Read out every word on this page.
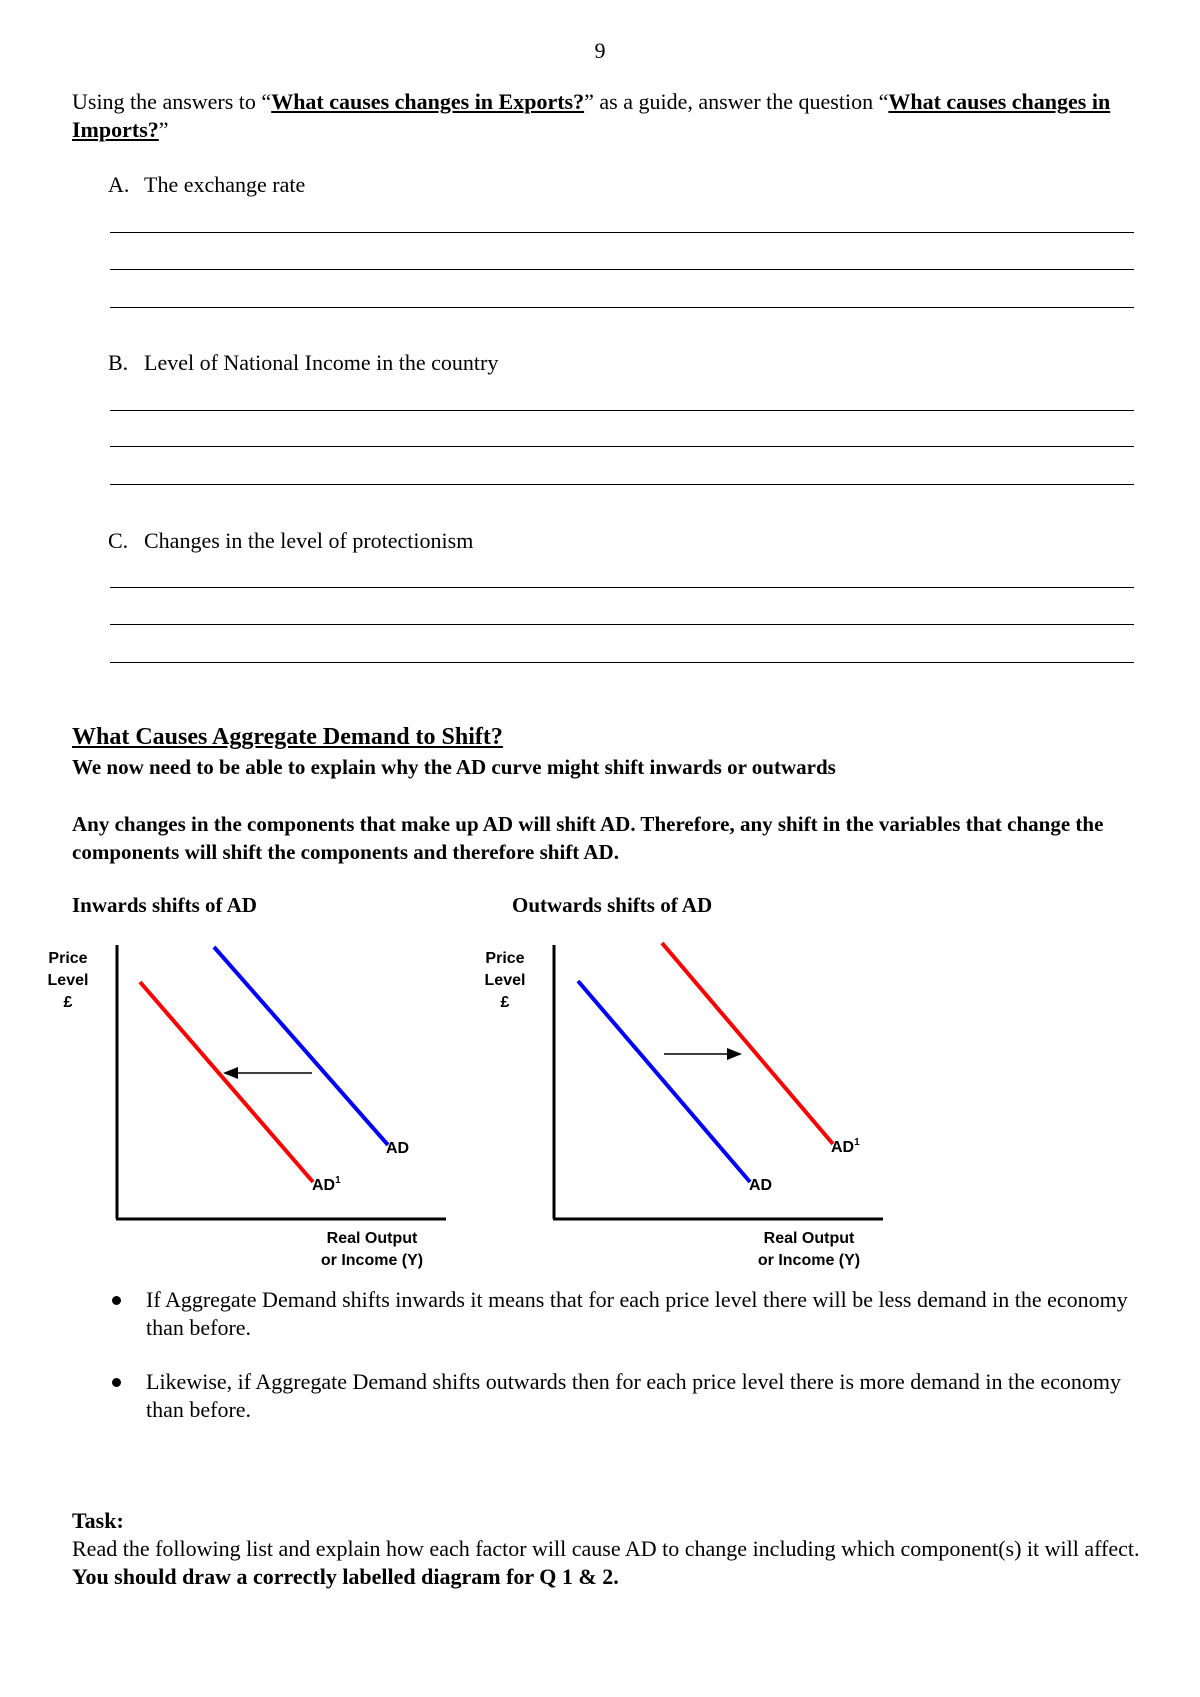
9
Using the answers to “What causes changes in Exports?” as a guide, answer the question “What causes changes in Imports?”
A. The exchange rate
B. Level of National Income in the country
C. Changes in the level of protectionism
What Causes Aggregate Demand to Shift?
We now need to be able to explain why the AD curve might shift inwards or outwards
Any changes in the components that make up AD will shift AD. Therefore, any shift in the variables that change the components will shift the components and therefore shift AD.
Inwards shifts of AD	Outwards shifts of AD
Price
Level
£
AD
$AD^1$
Real Output
or Income (Y)
Price
Level
£
AD
$AD^1$
Real Output
or Income (Y)
If Aggregate Demand shifts inwards it means that for each price level there will be less demand in the economy than before.
Likewise, if Aggregate Demand shifts outwards then for each price level there is more demand in the economy than before.
Task:
Read the following list and explain how each factor will cause AD to change including which component(s) it will affect. You should draw a correctly labelled diagram for Q 1 & 2.
